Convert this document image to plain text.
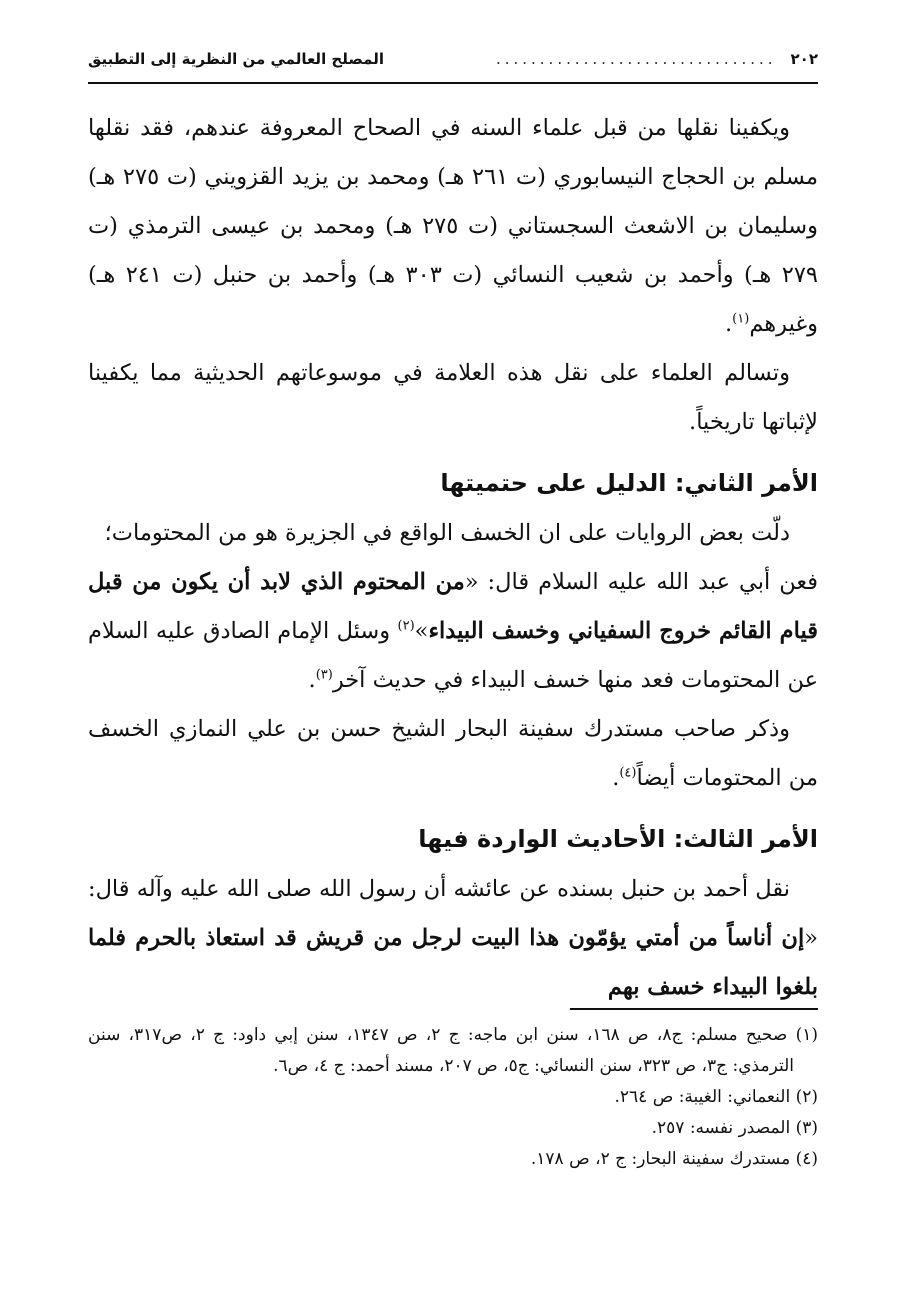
٢٠٢
................................
المصلح العالمي من النظرية إلى التطبيق

ويكفينا نقلها من قبل علماء السنه في الصحاح المعروفة عندهم، فقد نقلها مسلم بن الحجاج النيسابوري (ت ٢٦١ هـ) ومحمد بن يزيد القزويني (ت ٢٧٥ هـ) وسليمان بن الاشعث السجستاني (ت ٢٧٥ هـ) ومحمد بن عيسى الترمذي (ت ٢٧٩ هـ) وأحمد بن شعيب النسائي (ت ٣٠٣ هـ) وأحمد بن حنبل (ت ٢٤١ هـ) وغيرهم$^{(١)}$.

وتسالم العلماء على نقل هذه العلامة في موسوعاتهم الحديثية مما يكفينا لإثباتها تاريخياً.

الأمر الثاني: الدليل على حتميتها

دلّت بعض الروايات على ان الخسف الواقع في الجزيرة هو من المحتومات؛

فعن أبي عبد الله عليه السلام قال: «من المحتوم الذي لابد أن يكون من قبل قيام القائم خروج السفياني وخسف البيداء»$^{(٢)}$ وسئل الإمام الصادق عليه السلام عن المحتومات فعد منها خسف البيداء في حديث آخر$^{(٣)}$.

وذكر صاحب مستدرك سفينة البحار الشيخ حسن بن علي النمازي الخسف من المحتومات أيضاً$^{(٤)}$.

الأمر الثالث: الأحاديث الواردة فيها

نقل أحمد بن حنبل بسنده عن عائشه أن رسول الله صلى الله عليه وآله قال: «إن أناساً من أمتي يؤمّون هذا البيت لرجل من قريش قد استعاذ بالحرم فلما بلغوا البيداء خسف بهم

(١) صحيح مسلم: ج٨، ص ١٦٨، سنن ابن ماجه: ج ٢، ص ١٣٤٧، سنن إبي داود: ج ٢، ص٣١٧، سنن الترمذي: ج٣، ص ٣٢٣، سنن النسائي: ج٥، ص ٢٠٧، مسند أحمد: ج ٤، ص٦.

(٢) النعماني: الغيبة: ص ٢٦٤.

(٣) المصدر نفسه: ٢٥٧.

(٤) مستدرك سفينة البحار: ج ٢، ص ١٧٨.
